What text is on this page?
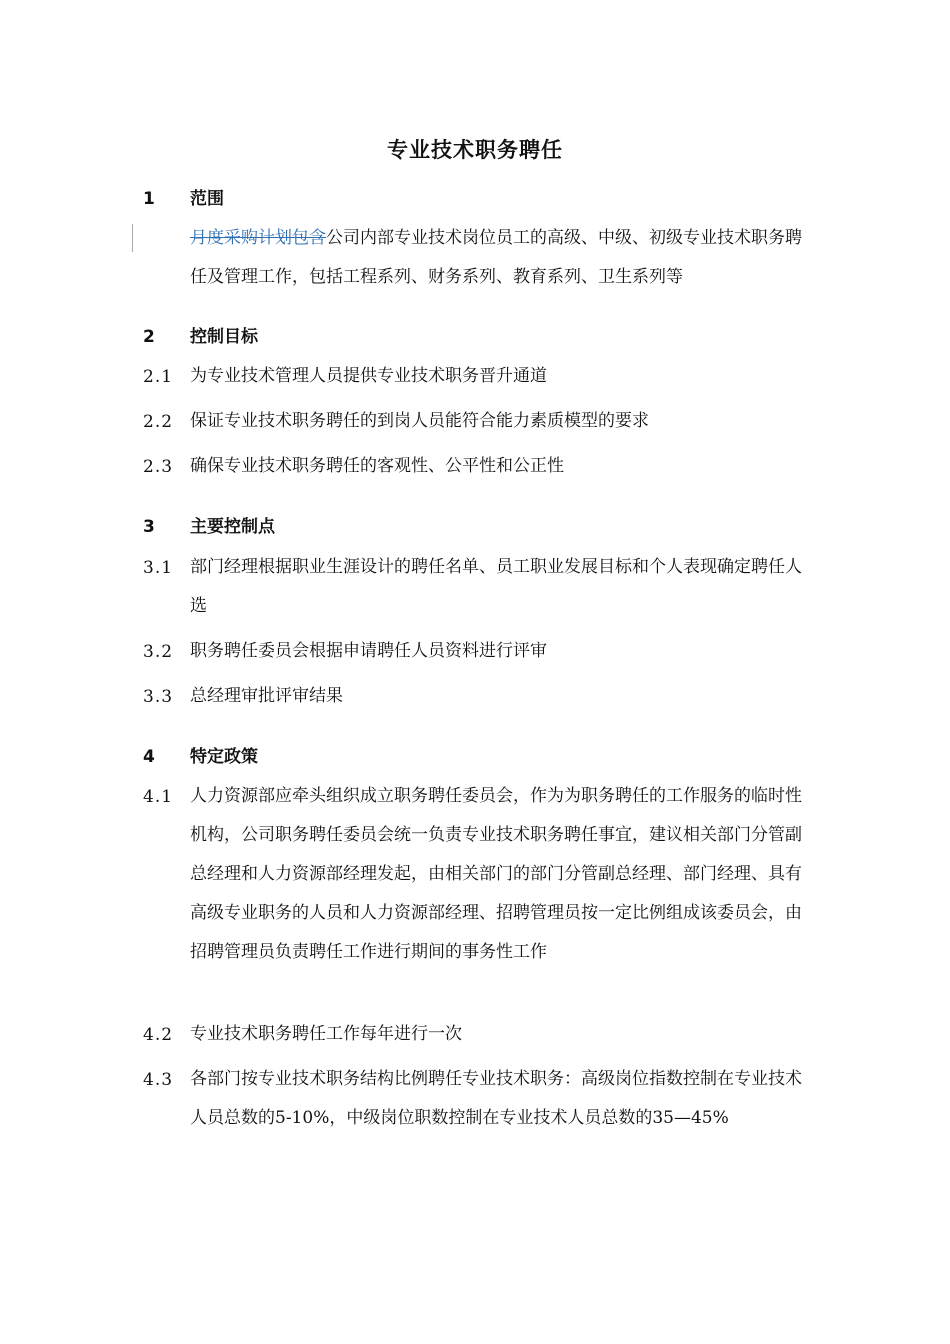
专业技术职务聘任
1 范围
月度采购计划包含公司内部专业技术岗位员工的高级、中级、初级专业技术职务聘任及管理工作，包括工程系列、财务系列、教育系列、卫生系列等
2 控制目标
2.1 为专业技术管理人员提供专业技术职务晋升通道
2.2 保证专业技术职务聘任的到岗人员能符合能力素质模型的要求
2.3 确保专业技术职务聘任的客观性、公平性和公正性
3 主要控制点
3.1 部门经理根据职业生涯设计的聘任名单、员工职业发展目标和个人表现确定聘任人选
3.2 职务聘任委员会根据申请聘任人员资料进行评审
3.3 总经理审批评审结果
4 特定政策
4.1 人力资源部应牵头组织成立职务聘任委员会，作为为职务聘任的工作服务的临时性机构，公司职务聘任委员会统一负责专业技术职务聘任事宜，建议相关部门分管副总经理和人力资源部经理发起，由相关部门的部门分管副总经理、部门经理、具有高级专业职务的人员和人力资源部经理、招聘管理员按一定比例组成该委员会，由招聘管理员负责聘任工作进行期间的事务性工作
4.2 专业技术职务聘任工作每年进行一次
4.3 各部门按专业技术职务结构比例聘任专业技术职务：高级岗位指数控制在专业技术人员总数的5-10%，中级岗位职数控制在专业技术人员总数的35—45%
